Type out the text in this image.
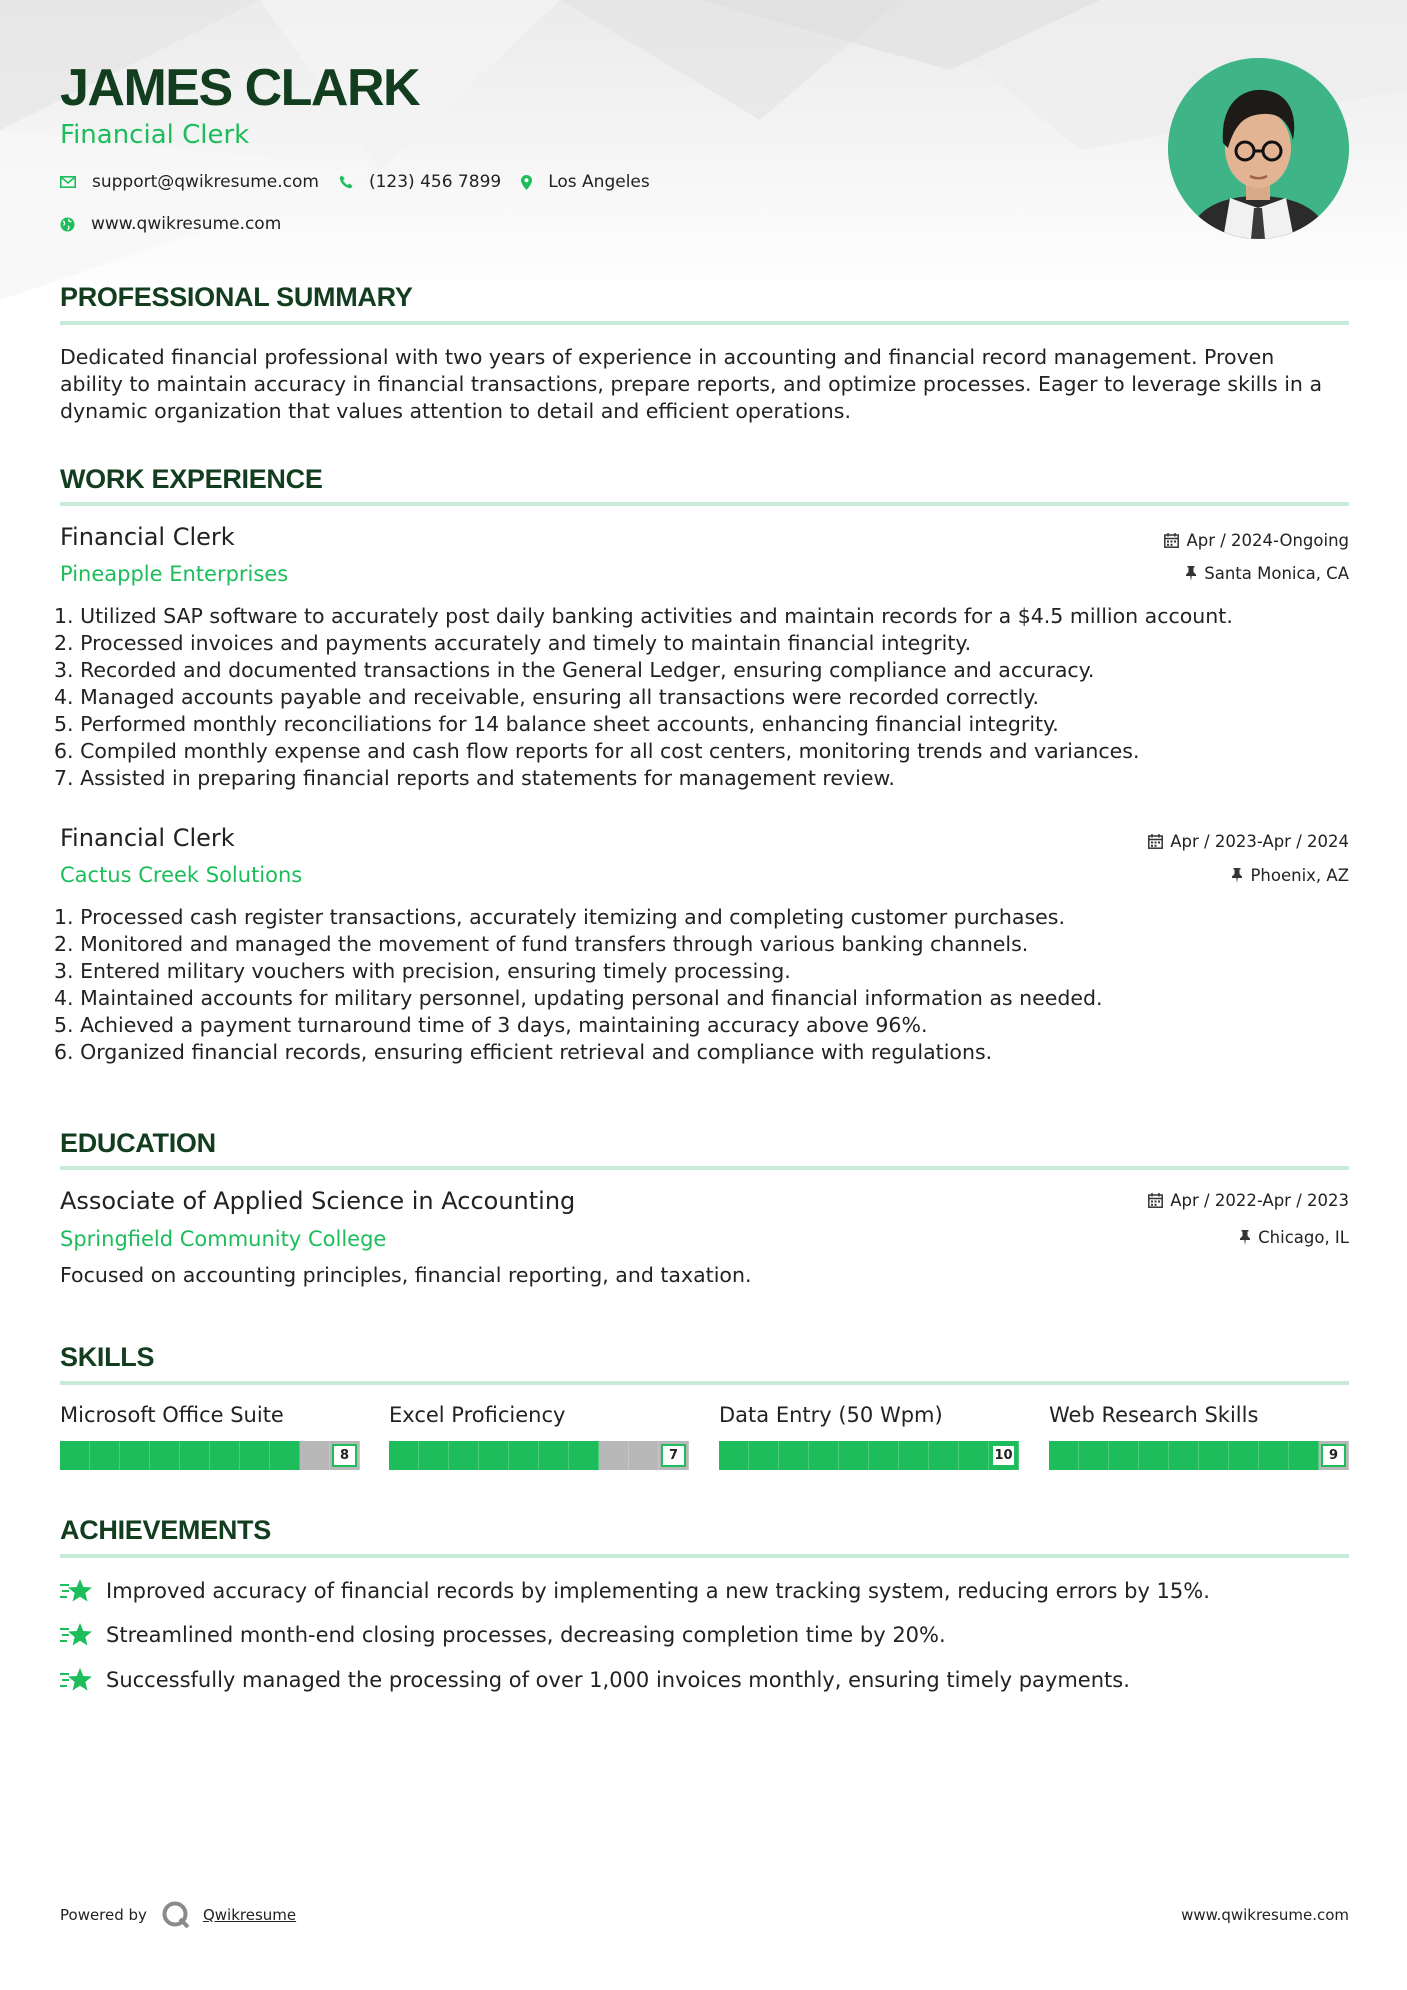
JAMES CLARK
Financial Clerk
support@qwikresume.com	(123) 456 7899	Los Angeles
www.qwikresume.com
PROFESSIONAL SUMMARY
Dedicated financial professional with two years of experience in accounting and financial record management. Proven
ability to maintain accuracy in financial transactions, prepare reports, and optimize processes. Eager to leverage skills in a
dynamic organization that values attention to detail and efficient operations.
WORK EXPERIENCE
Financial Clerk
Pineapple Enterprises
Apr / 2024-Ongoing
Santa Monica, CA
1. Utilized SAP software to accurately post daily banking activities and maintain records for a $4.5 million account.
2. Processed invoices and payments accurately and timely to maintain financial integrity.
3. Recorded and documented transactions in the General Ledger, ensuring compliance and accuracy.
4. Managed accounts payable and receivable, ensuring all transactions were recorded correctly.
5. Performed monthly reconciliations for 14 balance sheet accounts, enhancing financial integrity.
6. Compiled monthly expense and cash flow reports for all cost centers, monitoring trends and variances.
7. Assisted in preparing financial reports and statements for management review.
Financial Clerk
Cactus Creek Solutions
Apr / 2023-Apr / 2024
Phoenix, AZ
1. Processed cash register transactions, accurately itemizing and completing customer purchases.
2. Monitored and managed the movement of fund transfers through various banking channels.
3. Entered military vouchers with precision, ensuring timely processing.
4. Maintained accounts for military personnel, updating personal and financial information as needed.
5. Achieved a payment turnaround time of 3 days, maintaining accuracy above 96%.
6. Organized financial records, ensuring efficient retrieval and compliance with regulations.
EDUCATION
Associate of Applied Science in Accounting
Springfield Community College
Apr / 2022-Apr / 2023
Chicago, IL
Focused on accounting principles, financial reporting, and taxation.
SKILLS
Microsoft Office Suite
8
Excel Proficiency
7
Data Entry (50 Wpm)
10
Web Research Skills
9
ACHIEVEMENTS
Improved accuracy of financial records by implementing a new tracking system, reducing errors by 15%.
Streamlined month-end closing processes, decreasing completion time by 20%.
Successfully managed the processing of over 1,000 invoices monthly, ensuring timely payments.
Powered by	Qwikresume	www.qwikresume.com
